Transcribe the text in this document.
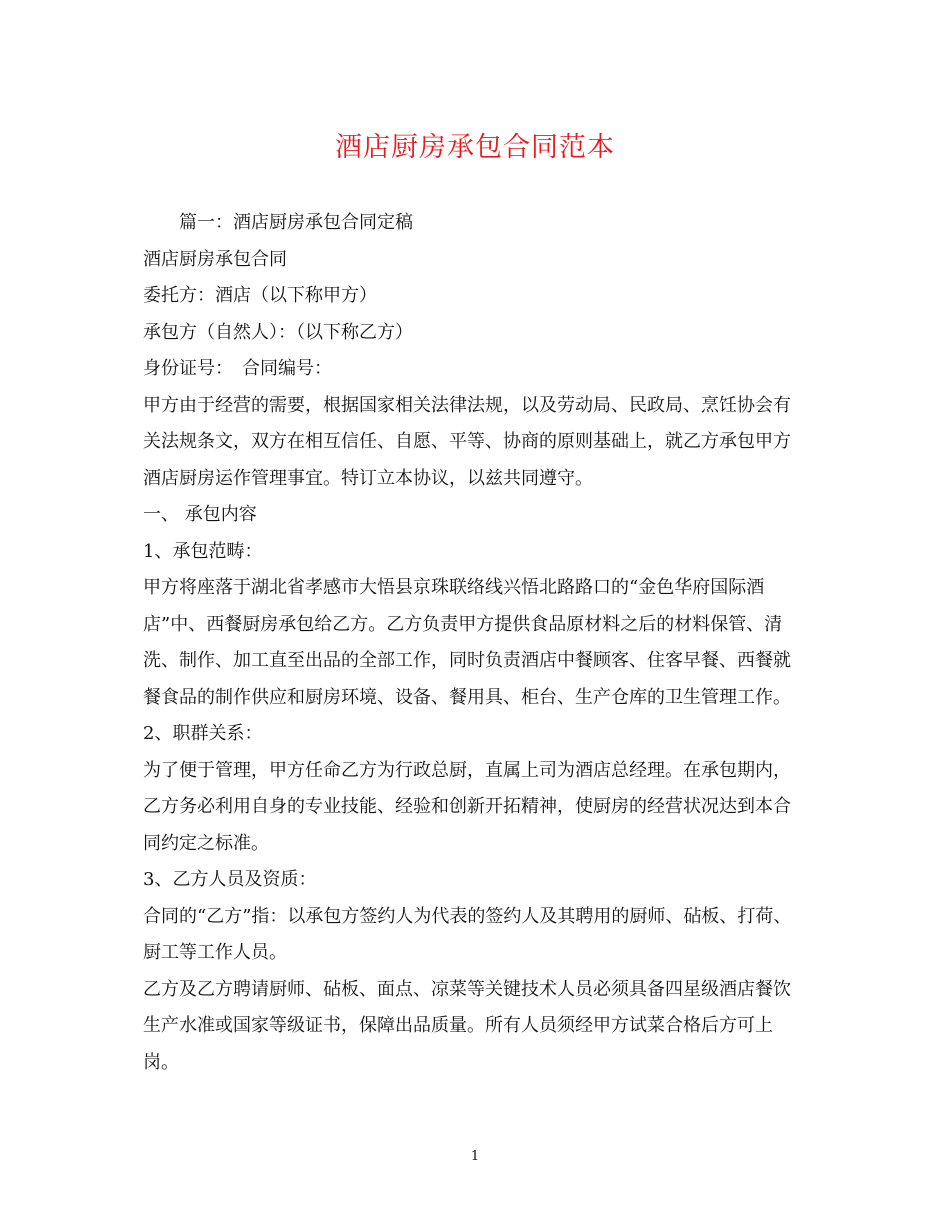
酒店厨房承包合同范本

篇一：酒店厨房承包合同定稿

酒店厨房承包合同

委托方：酒店（以下称甲方）

承包方（自然人）：（以下称乙方）

身份证号：　合同编号：

甲方由于经营的需要，根据国家相关法律法规，以及劳动局、民政局、烹饪协会有关法规条文，双方在相互信任、自愿、平等、协商的原则基础上，就乙方承包甲方酒店厨房运作管理事宜。特订立本协议，以兹共同遵守。

一、 承包内容

1、承包范畴：

甲方将座落于湖北省孝感市大悟县京珠联络线兴悟北路路口的“金色华府国际酒店”中、西餐厨房承包给乙方。乙方负责甲方提供食品原材料之后的材料保管、清洗、制作、加工直至出品的全部工作，同时负责酒店中餐顾客、住客早餐、西餐就餐食品的制作供应和厨房环境、设备、餐用具、柜台、生产仓库的卫生管理工作。

2、职群关系：

为了便于管理，甲方任命乙方为行政总厨，直属上司为酒店总经理。在承包期内，乙方务必利用自身的专业技能、经验和创新开拓精神，使厨房的经营状况达到本合同约定之标准。

3、乙方人员及资质：

合同的“乙方”指：以承包方签约人为代表的签约人及其聘用的厨师、砧板、打荷、厨工等工作人员。

乙方及乙方聘请厨师、砧板、面点、凉菜等关键技术人员必须具备四星级酒店餐饮生产水准或国家等级证书，保障出品质量。所有人员须经甲方试菜合格后方可上岗。

1
